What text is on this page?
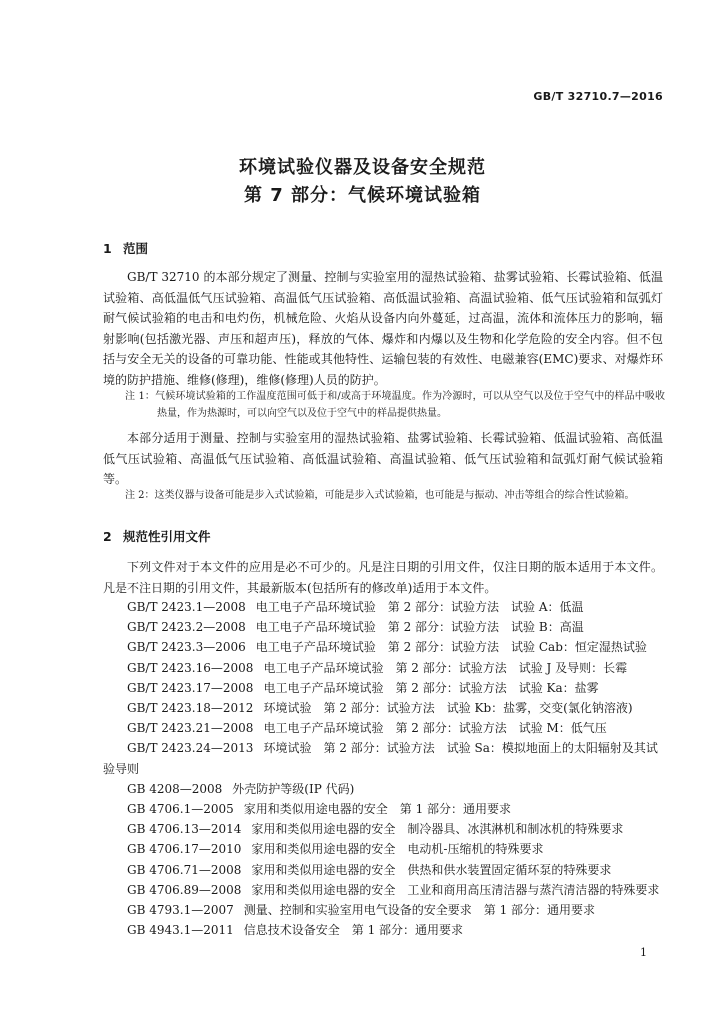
GB/T 32710.7—2016
环境试验仪器及设备安全规范
第 7 部分：气候环境试验箱
1 范围
GB/T 32710 的本部分规定了测量、控制与实验室用的湿热试验箱、盐雾试验箱、长霉试验箱、低温试验箱、高低温低气压试验箱、高温低气压试验箱、高低温试验箱、高温试验箱、低气压试验箱和氙弧灯耐气候试验箱的电击和电灼伤，机械危险、火焰从设备内向外蔓延，过高温，流体和流体压力的影响，辐射影响(包括激光器、声压和超声压)，释放的气体、爆炸和内爆以及生物和化学危险的安全内容。但不包括与安全无关的设备的可靠功能、性能或其他特性、运输包装的有效性、电磁兼容(EMC)要求、对爆炸环境的防护措施、维修(修理)，维修(修理)人员的防护。
注 1：气候环境试验箱的工作温度范围可低于和/或高于环境温度。作为冷源时，可以从空气以及位于空气中的样品中吸收热量，作为热源时，可以向空气以及位于空气中的样品提供热量。
本部分适用于测量、控制与实验室用的湿热试验箱、盐雾试验箱、长霉试验箱、低温试验箱、高低温低气压试验箱、高温低气压试验箱、高低温试验箱、高温试验箱、低气压试验箱和氙弧灯耐气候试验箱等。
注 2：这类仪器与设备可能是步入式试验箱，可能是步入式试验箱，也可能是与振动、冲击等组合的综合性试验箱。
2 规范性引用文件
下列文件对于本文件的应用是必不可少的。凡是注日期的引用文件，仅注日期的版本适用于本文件。凡是不注日期的引用文件，其最新版本(包括所有的修改单)适用于本文件。
GB/T 2423.1—2008 电工电子产品环境试验　第 2 部分：试验方法　试验 A：低温
GB/T 2423.2—2008 电工电子产品环境试验　第 2 部分：试验方法　试验 B：高温
GB/T 2423.3—2006 电工电子产品环境试验　第 2 部分：试验方法　试验 Cab：恒定湿热试验
GB/T 2423.16—2008 电工电子产品环境试验　第 2 部分：试验方法　试验 J 及导则：长霉
GB/T 2423.17—2008 电工电子产品环境试验　第 2 部分：试验方法　试验 Ka：盐雾
GB/T 2423.18—2012 环境试验　第 2 部分：试验方法　试验 Kb：盐雾，交变(氯化钠溶液)
GB/T 2423.21—2008 电工电子产品环境试验　第 2 部分：试验方法　试验 M：低气压
GB/T 2423.24—2013 环境试验　第 2 部分：试验方法　试验 Sa：模拟地面上的太阳辐射及其试验导则
GB 4208—2008 外壳防护等级(IP 代码)
GB 4706.1—2005 家用和类似用途电器的安全　第 1 部分：通用要求
GB 4706.13—2014 家用和类似用途电器的安全　制冷器具、冰淇淋机和制冰机的特殊要求
GB 4706.17—2010 家用和类似用途电器的安全　电动机-压缩机的特殊要求
GB 4706.71—2008 家用和类似用途电器的安全　供热和供水装置固定循环泵的特殊要求
GB 4706.89—2008 家用和类似用途电器的安全　工业和商用高压清洁器与蒸汽清洁器的特殊要求
GB 4793.1—2007 测量、控制和实验室用电气设备的安全要求　第 1 部分：通用要求
GB 4943.1—2011 信息技术设备安全　第 1 部分：通用要求
1
